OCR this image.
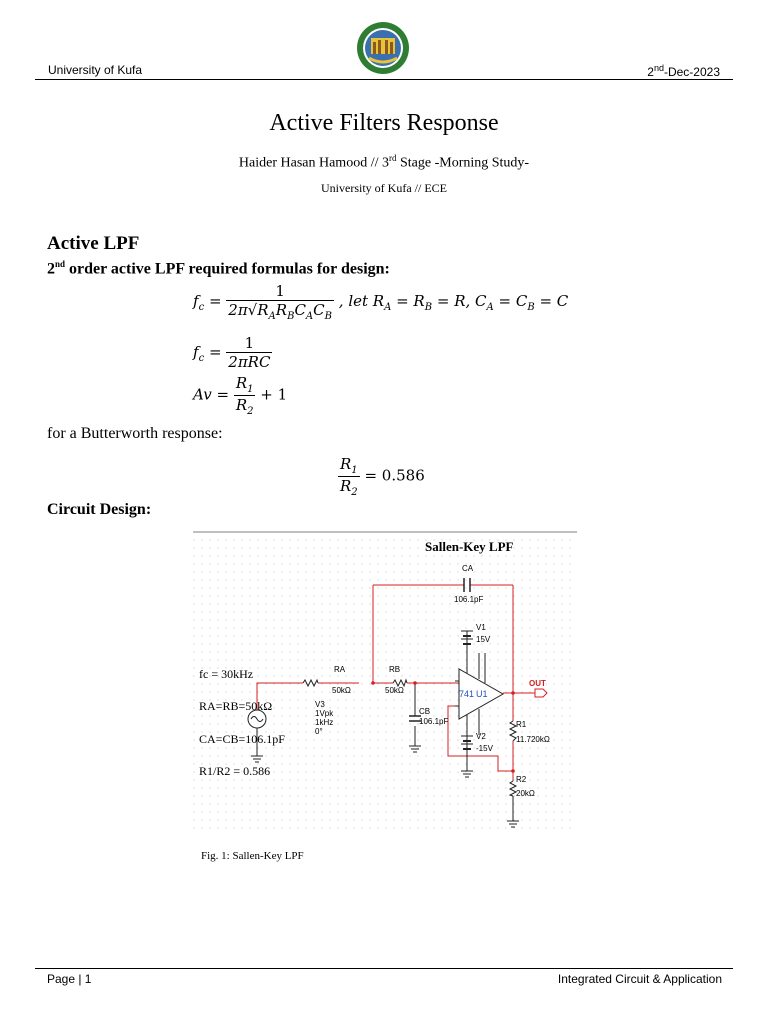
University of Kufa	2nd-Dec-2023
Active Filters Response
Haider Hasan Hamood // 3rd Stage -Morning Study-
University of Kufa // ECE
Active LPF
2nd order active LPF required formulas for design:
$f_c = \frac{1}{2\pi√R_AR_BC_AC_B}$ , let $R_A = R_B = R$, $C_A = C_B = C$
$f_c = \frac{1}{\text{2πRC}}$
$Av = \frac{R_1}{R_2} + 1$
for a Butterworth response:
$\frac{R_1}{R_2} = 0.586$
Circuit Design:
Sallen-Key LPF
CA
106.1pF
V1
15V
fc = 30kHz	RA
50kΩ
RB
50kΩ	741 U1
OUT
RA=RB=50kΩ	V3
1Vpk
1kHz
0°
CB
106.1pF	R1
11.720kΩ
CA=CB=106.1pF	V2
-15V
R1/R2 = 0.586
R2
20kΩ
Fig. 1: Sallen-Key LPF
Page | 1	Integrated Circuit & Application
